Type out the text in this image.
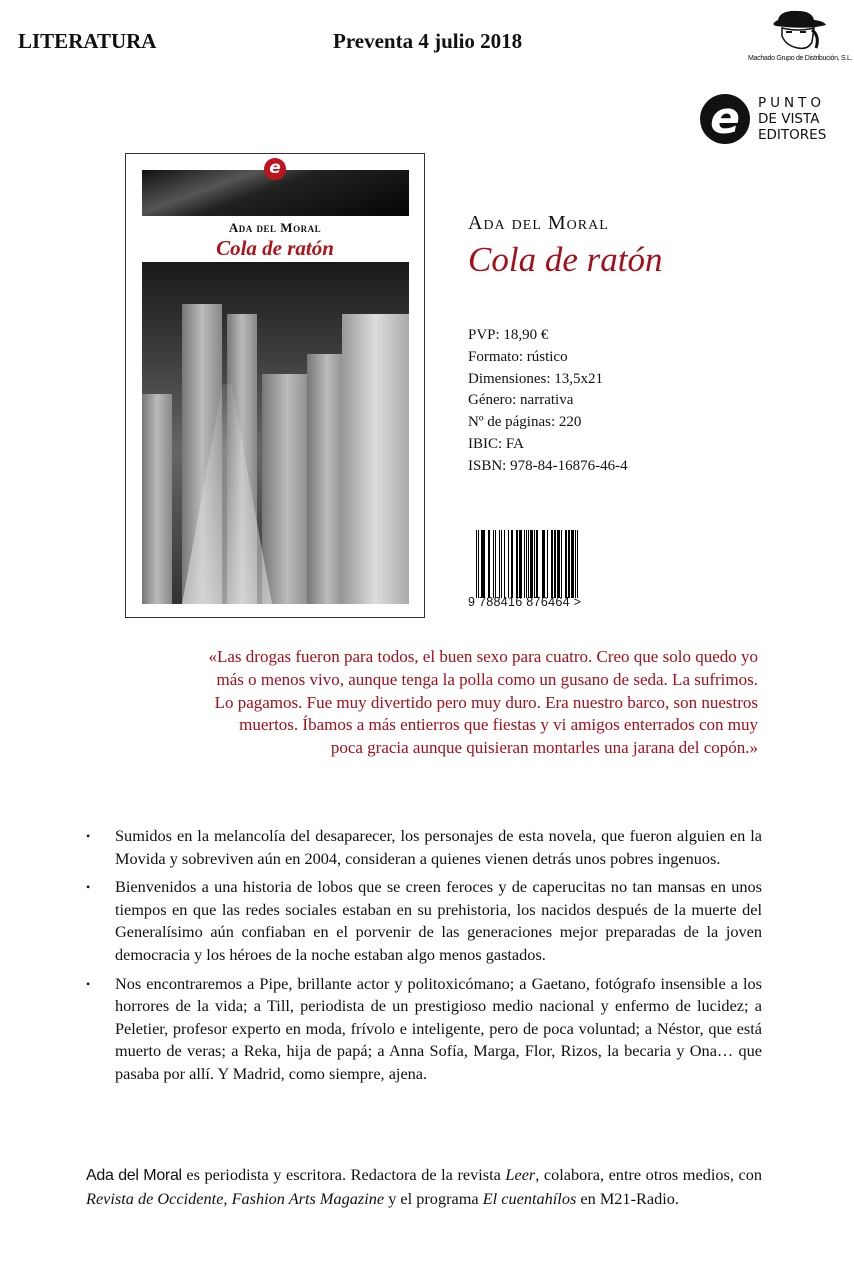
LITERATURA	Preventa 4 julio 2018
Machado Grupo de Distribución, S.L.
e	PUNTO
DE VISTA
EDITORES
e
Ada del Moral
Cola de ratón
Ada del Moral
Cola de ratón
PVP: 18,90 €
Formato: rústico
Dimensiones: 13,5x21
Género: narrativa
Nº de páginas: 220
IBIC: FA
ISBN: 978-84-16876-46-4
9 788416 876464 >
«Las drogas fueron para todos, el buen sexo para cuatro. Creo que solo quedo yo
más o menos vivo, aunque tenga la polla como un gusano de seda. La sufrimos.
Lo pagamos. Fue muy divertido pero muy duro. Era nuestro barco, son nuestros
muertos. Íbamos a más entierros que fiestas y vi amigos enterrados con muy
poca gracia aunque quisieran montarles una jarana del copón.»
•	Sumidos en la melancolía del desaparecer, los personajes de esta novela, que fueron alguien en la Movida y sobreviven aún en 2004, consideran a quienes vienen detrás unos pobres ingenuos.
•	Bienvenidos a una historia de lobos que se creen feroces y de caperucitas no tan mansas en unos tiempos en que las redes sociales estaban en su prehistoria, los nacidos después de la muerte del Generalísimo aún confiaban en el porvenir de las generaciones mejor preparadas de la joven democracia y los héroes de la noche estaban algo menos gastados.
•	Nos encontraremos a Pipe, brillante actor y politoxicómano; a Gaetano, fotógrafo insensible a los horrores de la vida; a Till, periodista de un prestigioso medio nacional y enfermo de lucidez; a Peletier, profesor experto en moda, frívolo e inteligente, pero de poca voluntad; a Néstor, que está muerto de veras; a Reka, hija de papá; a Anna Sofía, Marga, Flor, Rizos, la becaria y Ona… que pasaba por allí. Y Madrid, como siempre, ajena.
Ada del Moral es periodista y escritora. Redactora de la revista Leer, colabora, entre otros medios, con Revista de Occidente, Fashion Arts Magazine y el programa El cuentahílos en M21-Radio.
